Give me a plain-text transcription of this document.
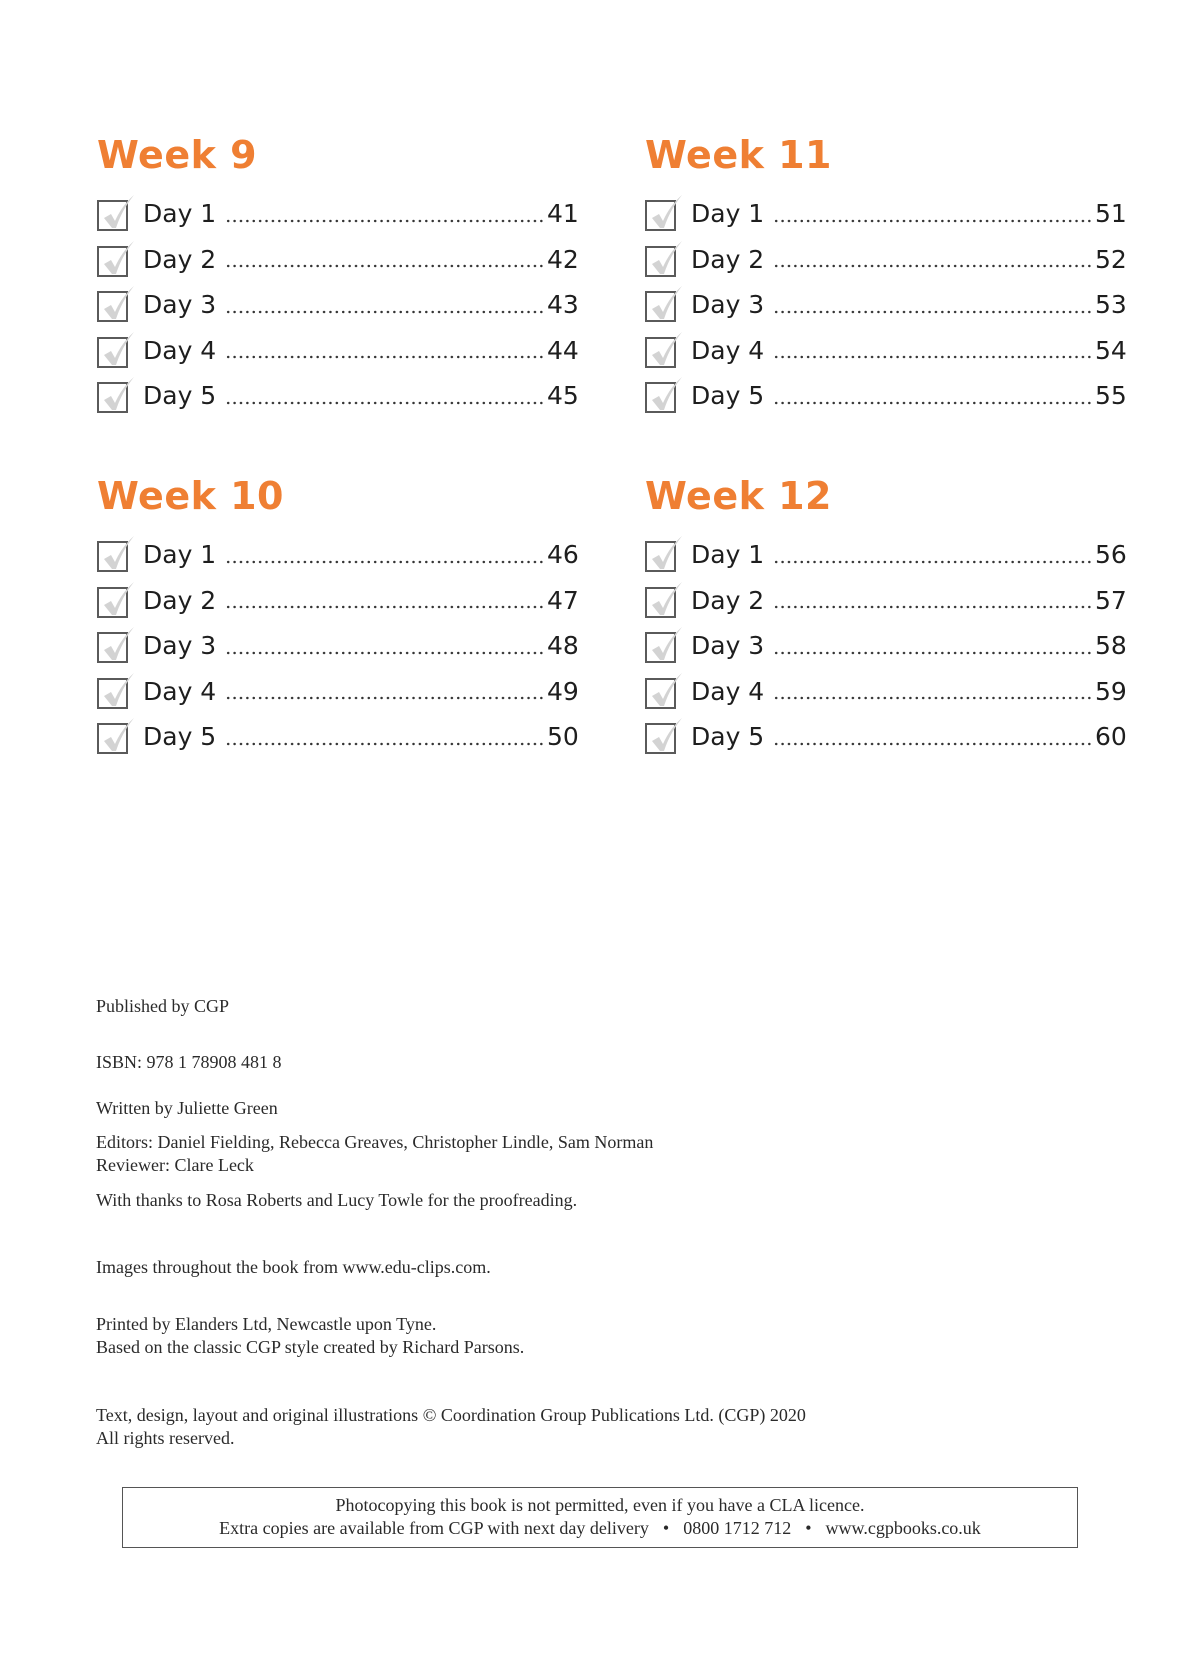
Week 9
Day 1	41
Day 2	42
Day 3	43
Day 4	44
Day 5	45
Week 10
Day 1	46
Day 2	47
Day 3	48
Day 4	49
Day 5	50
Week 11
Day 1	51
Day 2	52
Day 3	53
Day 4	54
Day 5	55
Week 12
Day 1	56
Day 2	57
Day 3	58
Day 4	59
Day 5	60
Published by CGP
ISBN: 978 1 78908 481 8
Written by Juliette Green
Editors: Daniel Fielding, Rebecca Greaves, Christopher Lindle, Sam Norman
Reviewer: Clare Leck
With thanks to Rosa Roberts and Lucy Towle for the proofreading.
Images throughout the book from www.edu-clips.com.
Printed by Elanders Ltd, Newcastle upon Tyne.
Based on the classic CGP style created by Richard Parsons.
Text, design, layout and original illustrations © Coordination Group Publications Ltd. (CGP) 2020
All rights reserved.
Photocopying this book is not permitted, even if you have a CLA licence.
Extra copies are available from CGP with next day delivery • 0800 1712 712 • www.cgpbooks.co.uk
